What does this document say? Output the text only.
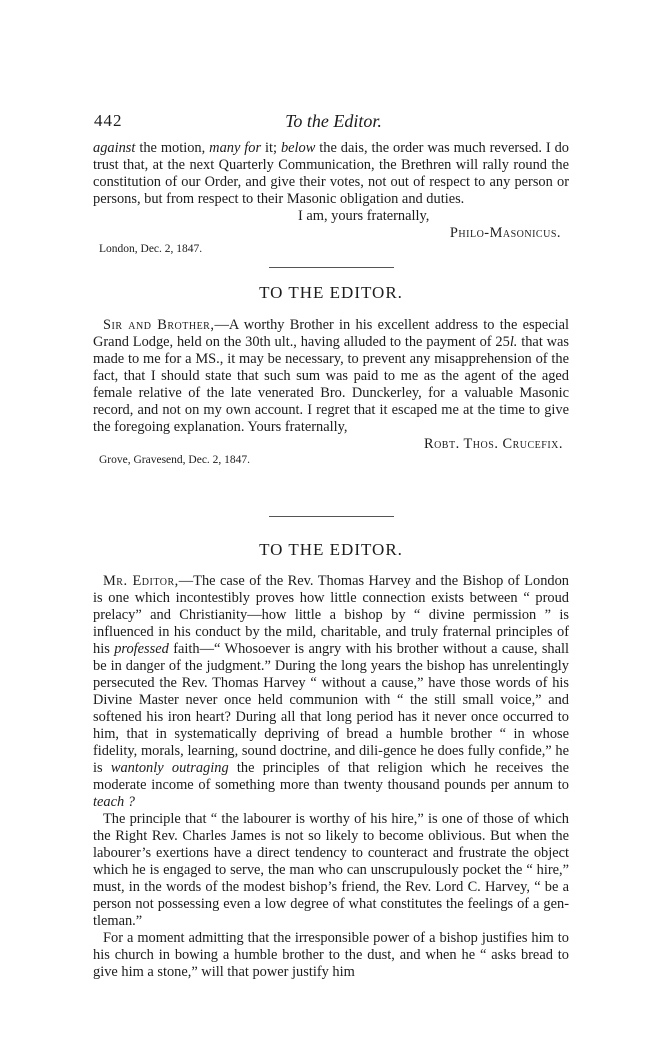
442	To the Editor.

against the motion, many for it; below the dais, the order was much reversed. I do trust that, at the next Quarterly Communication, the Brethren will rally round the constitution of our Order, and give their votes, not out of respect to any person or persons, but from respect to their Masonic obligation and duties.

I am, yours fraternally,
Philo-Masonicus.
London, Dec. 2, 1847.
TO THE EDITOR.

Sir and Brother,—A worthy Brother in his excellent address to the especial Grand Lodge, held on the 30th ult., having alluded to the payment of 25l. that was made to me for a MS., it may be necessary, to prevent any misapprehension of the fact, that I should state that such sum was paid to me as the agent of the aged female relative of the late venerated Bro. Dunckerley, for a valuable Masonic record, and not on my own account. I regret that it escaped me at the time to give the foregoing explanation. Yours fraternally,

Robt. Thos. Crucefix.
Grove, Gravesend, Dec. 2, 1847.
TO THE EDITOR.

Mr. Editor,—The case of the Rev. Thomas Harvey and the Bishop of London is one which incontestibly proves how little connection exists between “ proud prelacy” and Christianity—how little a bishop by “ divine permission ” is influenced in his conduct by the mild, charitable, and truly fraternal principles of his professed faith—“ Whosoever is angry with his brother without a cause, shall be in danger of the judgment.” During the long years the bishop has unrelentingly persecuted the Rev. Thomas Harvey “ without a cause,” have those words of his Divine Master never once held communion with “ the still small voice,” and softened his iron heart? During all that long period has it never once occurred to him, that in systematically depriving of bread a humble brother “ in whose fidelity, morals, learning, sound doctrine, and dili-gence he does fully confide,” he is wantonly outraging the principles of that religion which he receives the moderate income of something more than twenty thousand pounds per annum to teach ?

The principle that “ the labourer is worthy of his hire,” is one of those of which the Right Rev. Charles James is not so likely to become oblivious. But when the labourer’s exertions have a direct tendency to counteract and frustrate the object which he is engaged to serve, the man who can unscrupulously pocket the “ hire,” must, in the words of the modest bishop’s friend, the Rev. Lord C. Harvey, “ be a person not possessing even a low degree of what constitutes the feelings of a gen-tleman.”

For a moment admitting that the irresponsible power of a bishop justifies him to his church in bowing a humble brother to the dust, and when he “ asks bread to give him a stone,” will that power justify him
